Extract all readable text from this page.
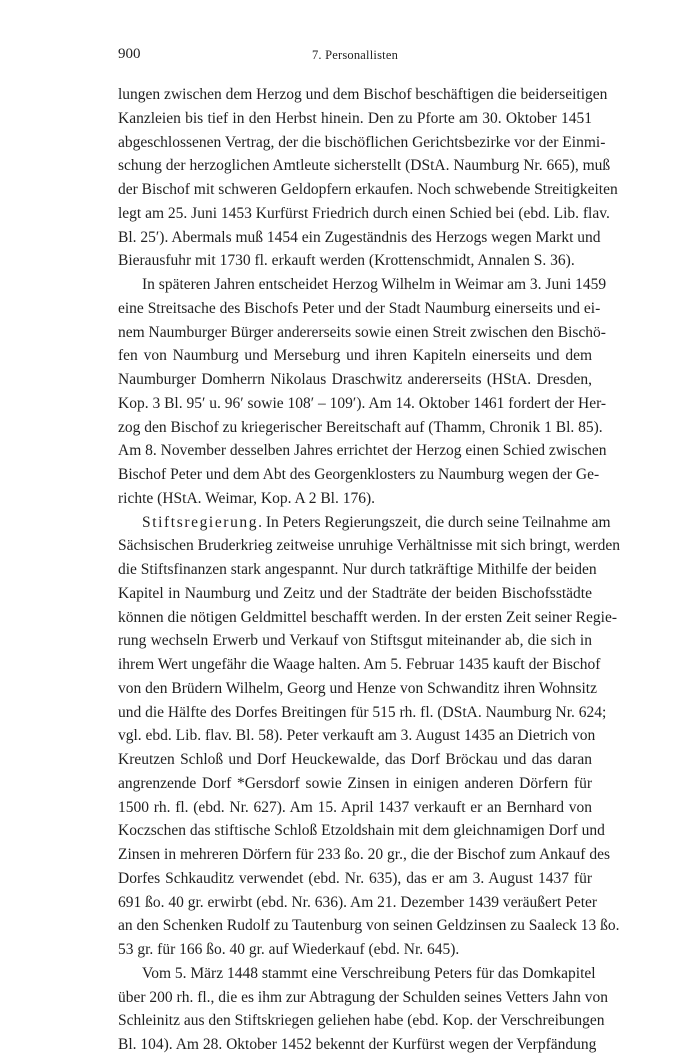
900	7. Personallisten
lungen zwischen dem Herzog und dem Bischof beschäftigen die beiderseitigen
Kanzleien bis tief in den Herbst hinein. Den zu Pforte am 30. Oktober 1451
abgeschlossenen Vertrag, der die bischöflichen Gerichtsbezirke vor der Einmi-
schung der herzoglichen Amtleute sicherstellt (DStA. Naumburg Nr. 665), muß
der Bischof mit schweren Geldopfern erkaufen. Noch schwebende Streitigkeiten
legt am 25. Juni 1453 Kurfürst Friedrich durch einen Schied bei (ebd. Lib. flav.
Bl. 25′). Abermals muß 1454 ein Zugeständnis des Herzogs wegen Markt und
Bierausfuhr mit 1730 fl. erkauft werden (Krottenschmidt, Annalen S. 36).
In späteren Jahren entscheidet Herzog Wilhelm in Weimar am 3. Juni 1459
eine Streitsache des Bischofs Peter und der Stadt Naumburg einerseits und ei-
nem Naumburger Bürger andererseits sowie einen Streit zwischen den Bischö-
fen von Naumburg und Merseburg und ihren Kapiteln einerseits und dem
Naumburger Domherrn Nikolaus Draschwitz andererseits (HStA. Dresden,
Kop. 3 Bl. 95′ u. 96′ sowie 108′ – 109′). Am 14. Oktober 1461 fordert der Her-
zog den Bischof zu kriegerischer Bereitschaft auf (Thamm, Chronik 1 Bl. 85).
Am 8. November desselben Jahres errichtet der Herzog einen Schied zwischen
Bischof Peter und dem Abt des Georgenklosters zu Naumburg wegen der Ge-
richte (HStA. Weimar, Kop. A 2 Bl. 176).
Stiftsregierung. In Peters Regierungszeit, die durch seine Teilnahme am
Sächsischen Bruderkrieg zeitweise unruhige Verhältnisse mit sich bringt, werden
die Stiftsfinanzen stark angespannt. Nur durch tatkräftige Mithilfe der beiden
Kapitel in Naumburg und Zeitz und der Stadträte der beiden Bischofsstädte
können die nötigen Geldmittel beschafft werden. In der ersten Zeit seiner Regie-
rung wechseln Erwerb und Verkauf von Stiftsgut miteinander ab, die sich in
ihrem Wert ungefähr die Waage halten. Am 5. Februar 1435 kauft der Bischof
von den Brüdern Wilhelm, Georg und Henze von Schwanditz ihren Wohnsitz
und die Hälfte des Dorfes Breitingen für 515 rh. fl. (DStA. Naumburg Nr. 624;
vgl. ebd. Lib. flav. Bl. 58). Peter verkauft am 3. August 1435 an Dietrich von
Kreutzen Schloß und Dorf Heuckewalde, das Dorf Bröckau und das daran
angrenzende Dorf *Gersdorf sowie Zinsen in einigen anderen Dörfern für
1500 rh. fl. (ebd. Nr. 627). Am 15. April 1437 verkauft er an Bernhard von
Koczschen das stiftische Schloß Etzoldshain mit dem gleichnamigen Dorf und
Zinsen in mehreren Dörfern für 233 ßo. 20 gr., die der Bischof zum Ankauf des
Dorfes Schkauditz verwendet (ebd. Nr. 635), das er am 3. August 1437 für
691 ßo. 40 gr. erwirbt (ebd. Nr. 636). Am 21. Dezember 1439 veräußert Peter
an den Schenken Rudolf zu Tautenburg von seinen Geldzinsen zu Saaleck 13 ßo.
53 gr. für 166 ßo. 40 gr. auf Wiederkauf (ebd. Nr. 645).
Vom 5. März 1448 stammt eine Verschreibung Peters für das Domkapitel
über 200 rh. fl., die es ihm zur Abtragung der Schulden seines Vetters Jahn von
Schleinitz aus den Stiftskriegen geliehen habe (ebd. Kop. der Verschreibungen
Bl. 104). Am 28. Oktober 1452 bekennt der Kurfürst wegen der Verpfändung
